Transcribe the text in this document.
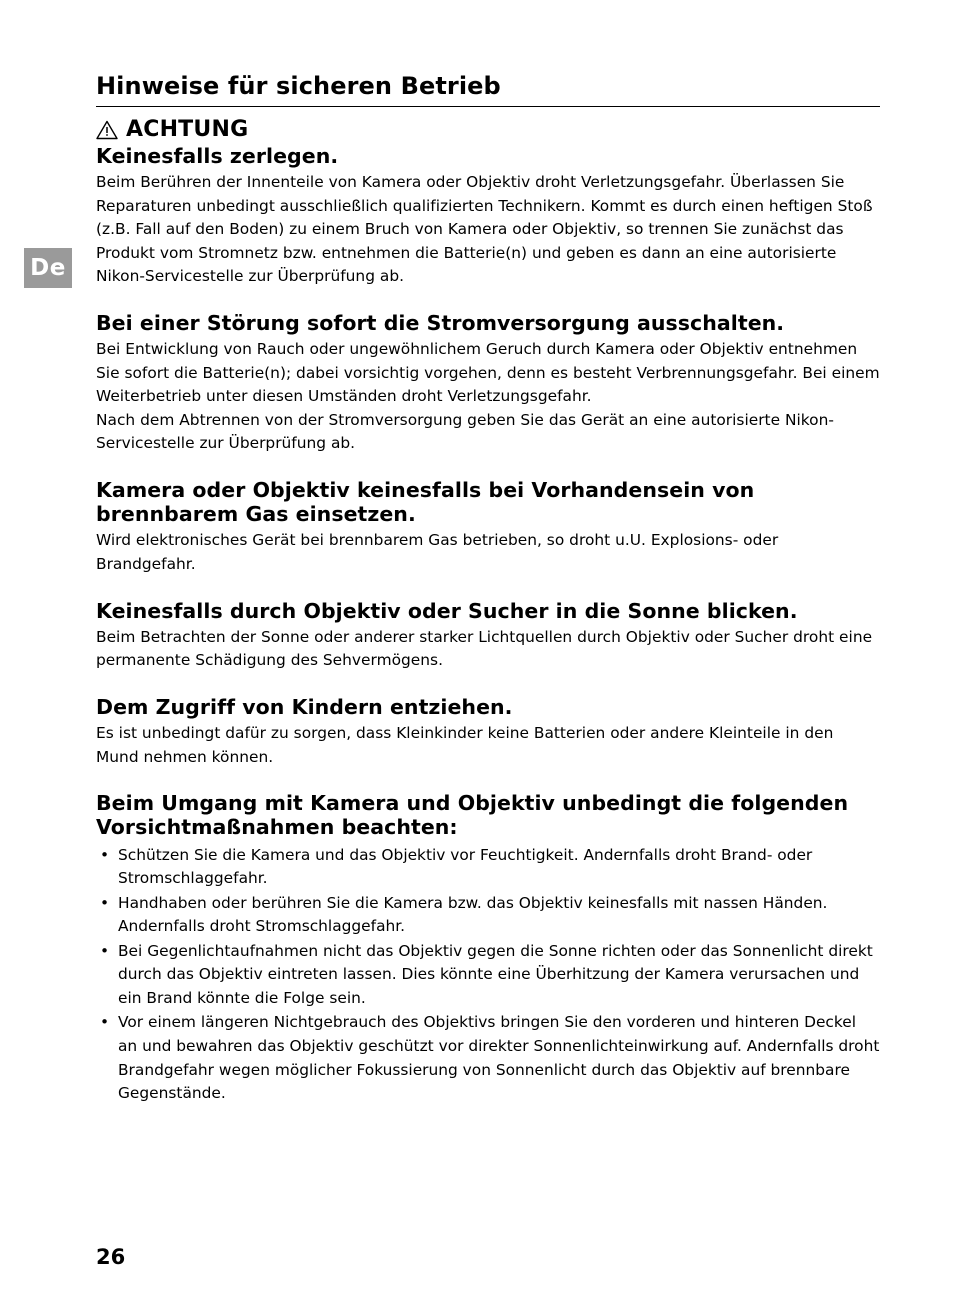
De
Hinweise für sicheren Betrieb
ACHTUNG
Keinesfalls zerlegen.

Beim Berühren der Innenteile von Kamera oder Objektiv droht Verletzungsgefahr. Überlassen Sie Reparaturen unbedingt ausschließlich qualifizierten Technikern. Kommt es durch einen heftigen Stoß (z.B. Fall auf den Boden) zu einem Bruch von Kamera oder Objektiv, so trennen Sie zunächst das Produkt vom Stromnetz bzw. entnehmen die Batterie(n) und geben es dann an eine autorisierte Nikon-Servicestelle zur Überprüfung ab.

Bei einer Störung sofort die Stromversorgung ausschalten.

Bei Entwicklung von Rauch oder ungewöhnlichem Geruch durch Kamera oder Objektiv entnehmen Sie sofort die Batterie(n); dabei vorsichtig vorgehen, denn es besteht Verbrennungsgefahr. Bei einem Weiterbetrieb unter diesen Umständen droht Verletzungsgefahr.

Nach dem Abtrennen von der Stromversorgung geben Sie das Gerät an eine autorisierte Nikon-Servicestelle zur Überprüfung ab.

Kamera oder Objektiv keinesfalls bei Vorhandensein von brennbarem Gas einsetzen.

Wird elektronisches Gerät bei brennbarem Gas betrieben, so droht u.U. Explosions- oder Brandgefahr.

Keinesfalls durch Objektiv oder Sucher in die Sonne blicken.

Beim Betrachten der Sonne oder anderer starker Lichtquellen durch Objektiv oder Sucher droht eine permanente Schädigung des Sehvermögens.

Dem Zugriff von Kindern entziehen.

Es ist unbedingt dafür zu sorgen, dass Kleinkinder keine Batterien oder andere Kleinteile in den Mund nehmen können.

Beim Umgang mit Kamera und Objektiv unbedingt die folgenden Vorsichtmaßnahmen beachten:
• Schützen Sie die Kamera und das Objektiv vor Feuchtigkeit. Andernfalls droht Brand- oder Stromschlaggefahr.
• Handhaben oder berühren Sie die Kamera bzw. das Objektiv keinesfalls mit nassen Händen. Andernfalls droht Stromschlaggefahr.
• Bei Gegenlichtaufnahmen nicht das Objektiv gegen die Sonne richten oder das Sonnenlicht direkt durch das Objektiv eintreten lassen. Dies könnte eine Überhitzung der Kamera verursachen und ein Brand könnte die Folge sein.
• Vor einem längeren Nichtgebrauch des Objektivs bringen Sie den vorderen und hinteren Deckel an und bewahren das Objektiv geschützt vor direkter Sonnenlichteinwirkung auf. Andernfalls droht Brandgefahr wegen möglicher Fokussierung von Sonnenlicht durch das Objektiv auf brennbare Gegenstände.
26
